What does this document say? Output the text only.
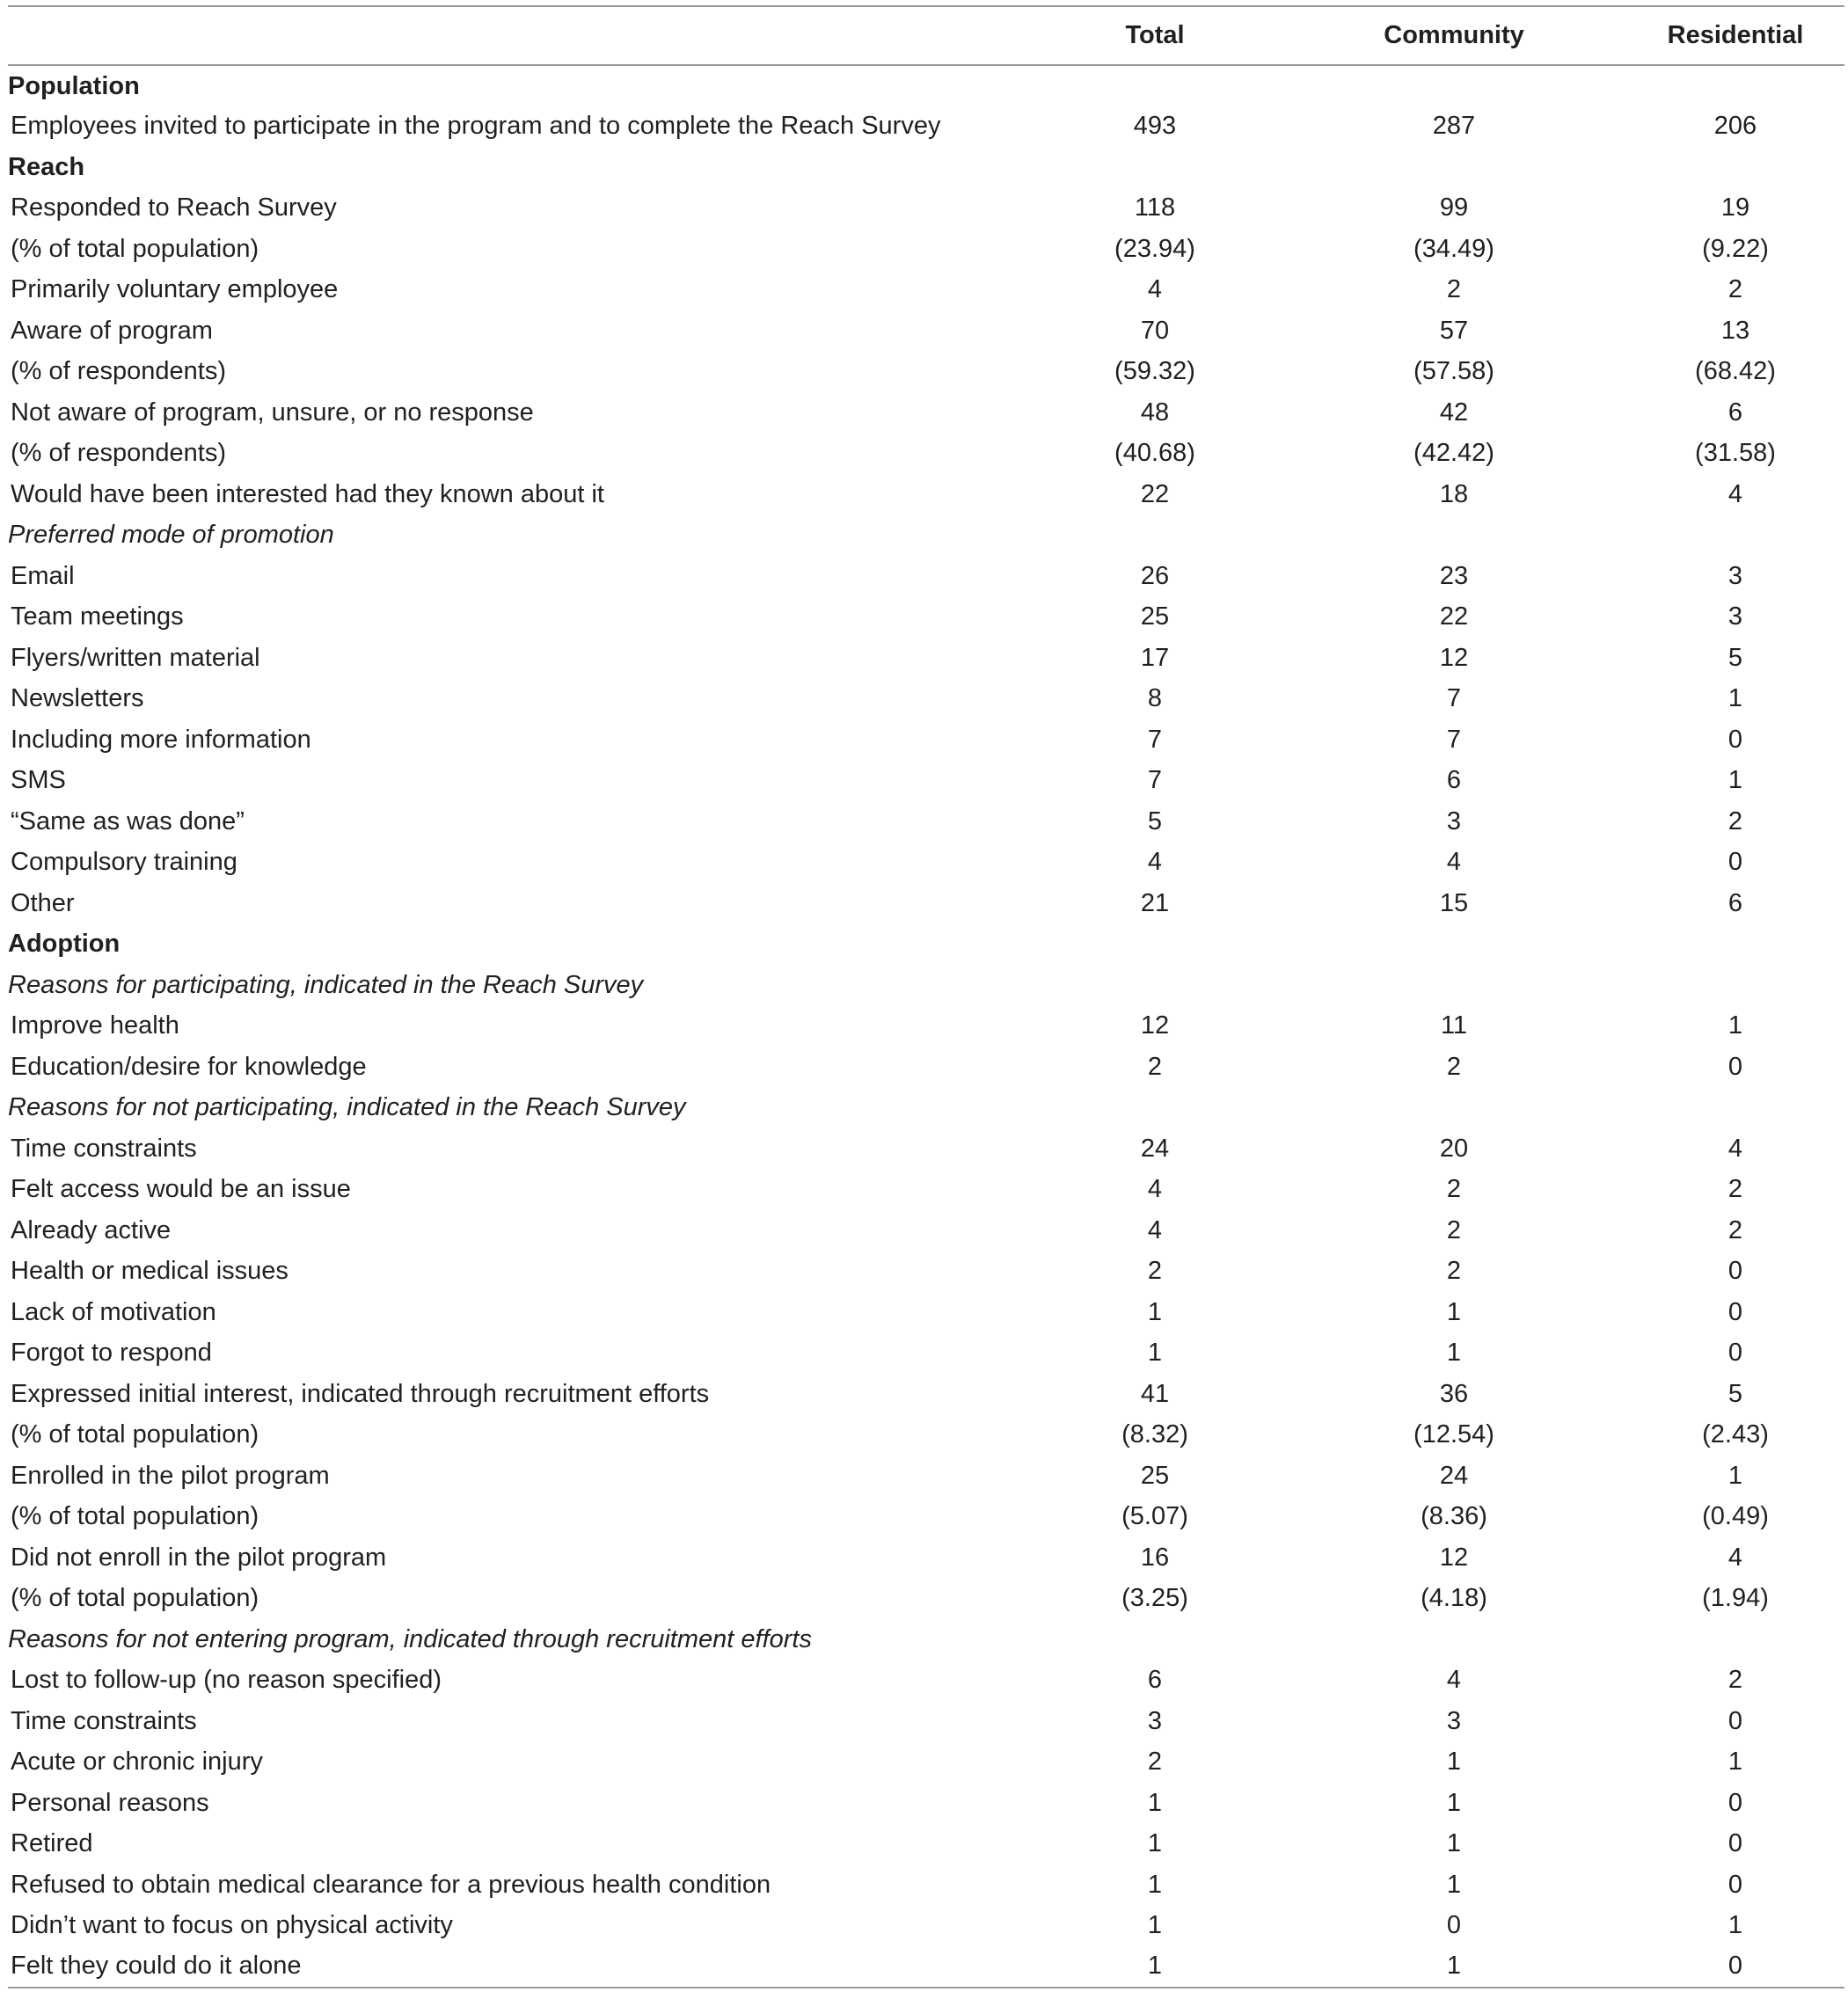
	Total	Community	Residential
Population			
Employees invited to participate in the program and to complete the Reach Survey	493	287	206
Reach			
Responded to Reach Survey	118	99	19
(% of total population)	(23.94)	(34.49)	(9.22)
Primarily voluntary employee	4	2	2
Aware of program	70	57	13
(% of respondents)	(59.32)	(57.58)	(68.42)
Not aware of program, unsure, or no response	48	42	6
(% of respondents)	(40.68)	(42.42)	(31.58)
Would have been interested had they known about it	22	18	4
Preferred mode of promotion			
Email	26	23	3
Team meetings	25	22	3
Flyers/written material	17	12	5
Newsletters	8	7	1
Including more information	7	7	0
SMS	7	6	1
“Same as was done”	5	3	2
Compulsory training	4	4	0
Other	21	15	6
Adoption			
Reasons for participating, indicated in the Reach Survey			
Improve health	12	11	1
Education/desire for knowledge	2	2	0
Reasons for not participating, indicated in the Reach Survey			
Time constraints	24	20	4
Felt access would be an issue	4	2	2
Already active	4	2	2
Health or medical issues	2	2	0
Lack of motivation	1	1	0
Forgot to respond	1	1	0
Expressed initial interest, indicated through recruitment efforts	41	36	5
(% of total population)	(8.32)	(12.54)	(2.43)
Enrolled in the pilot program	25	24	1
(% of total population)	(5.07)	(8.36)	(0.49)
Did not enroll in the pilot program	16	12	4
(% of total population)	(3.25)	(4.18)	(1.94)
Reasons for not entering program, indicated through recruitment efforts			
Lost to follow-up (no reason specified)	6	4	2
Time constraints	3	3	0
Acute or chronic injury	2	1	1
Personal reasons	1	1	0
Retired	1	1	0
Refused to obtain medical clearance for a previous health condition	1	1	0
Didn’t want to focus on physical activity	1	0	1
Felt they could do it alone	1	1	0
